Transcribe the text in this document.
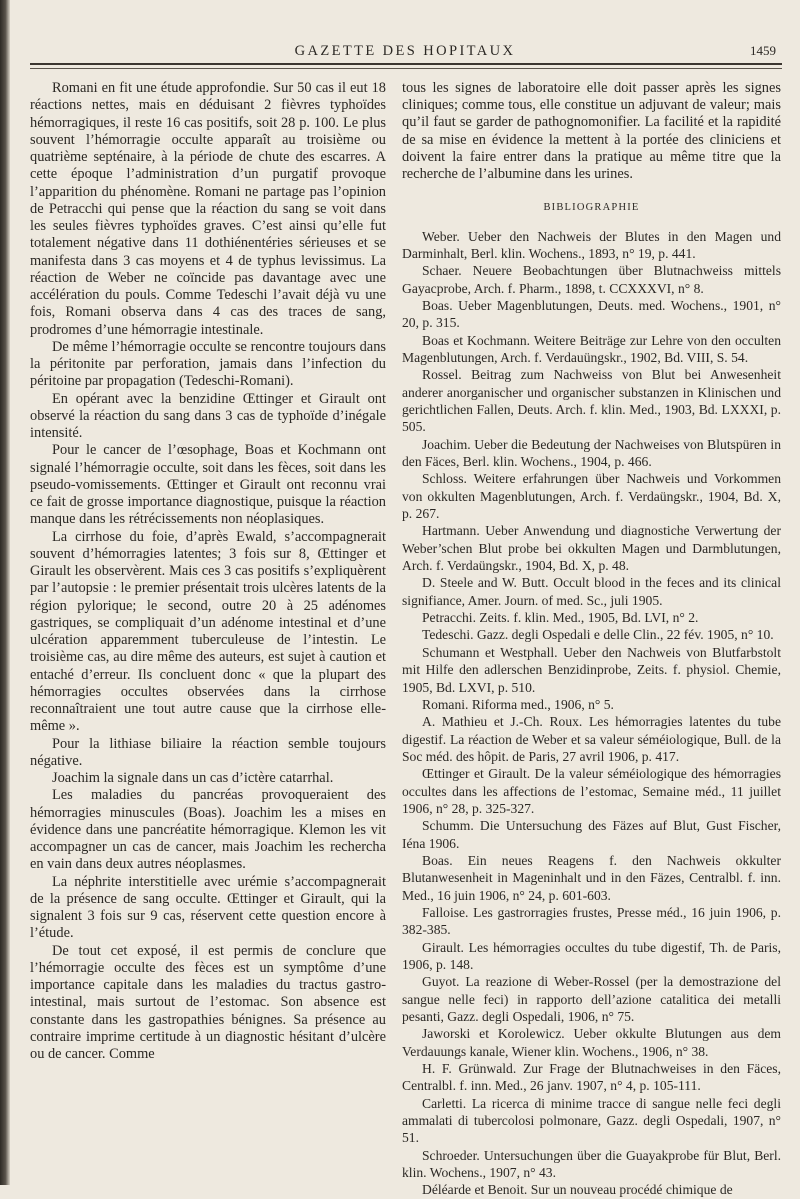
GAZETTE DES HOPITAUX	1459

Romani en fit une étude approfondie. Sur 50 cas il eut 18 réactions nettes, mais en déduisant 2 fièvres typhoïdes hémorragiques, il reste 16 cas positifs, soit 28 p. 100. Le plus souvent l’hémorragie occulte apparaît au troisième ou quatrième septénaire, à la période de chute des escarres. A cette époque l’administration d’un purgatif provoque l’apparition du phénomène. Romani ne partage pas l’opinion de Petracchi qui pense que la réaction du sang se voit dans les seules fièvres typhoïdes graves. C’est ainsi qu’elle fut totalement négative dans 11 dothiénentéries sérieuses et se manifesta dans 3 cas moyens et 4 de typhus levissimus. La réaction de Weber ne coïncide pas davantage avec une accélération du pouls. Comme Tedeschi l’avait déjà vu une fois, Romani observa dans 4 cas des traces de sang, prodromes d’une hémorragie intestinale.

De même l’hémorragie occulte se rencontre toujours dans la péritonite par perforation, jamais dans l’infection du péritoine par propagation (Tedeschi-Romani).

En opérant avec la benzidine Œttinger et Girault ont observé la réaction du sang dans 3 cas de typhoïde d’inégale intensité.

Pour le cancer de l’œsophage, Boas et Kochmann ont signalé l’hémorragie occulte, soit dans les fèces, soit dans les pseudo-vomissements. Œttinger et Girault ont reconnu vrai ce fait de grosse importance diagnostique, puisque la réaction manque dans les rétrécissements non néoplasiques.

La cirrhose du foie, d’après Ewald, s’accompagnerait souvent d’hémorragies latentes; 3 fois sur 8, Œttinger et Girault les observèrent. Mais ces 3 cas positifs s’expliquèrent par l’autopsie : le premier présentait trois ulcères latents de la région pylorique; le second, outre 20 à 25 adénomes gastriques, se compliquait d’un adénome intestinal et d’une ulcération apparemment tuberculeuse de l’intestin. Le troisième cas, au dire même des auteurs, est sujet à caution et entaché d’erreur. Ils concluent donc « que la plupart des hémorragies occultes observées dans la cirrhose reconnaîtraient une tout autre cause que la cirrhose elle-même ».

Pour la lithiase biliaire la réaction semble toujours négative.

Joachim la signale dans un cas d’ictère catarrhal.

Les maladies du pancréas provoqueraient des hémorragies minuscules (Boas). Joachim les a mises en évidence dans une pancréatite hémorragique. Klemon les vit accompagner un cas de cancer, mais Joachim les rechercha en vain dans deux autres néoplasmes.

La néphrite interstitielle avec urémie s’accompagnerait de la présence de sang occulte. Œttinger et Girault, qui la signalent 3 fois sur 9 cas, réservent cette question encore à l’étude.

De tout cet exposé, il est permis de conclure que l’hémorragie occulte des fèces est un symptôme d’une importance capitale dans les maladies du tractus gastro-intestinal, mais surtout de l’estomac. Son absence est constante dans les gastropathies bénignes. Sa présence au contraire imprime certitude à un diagnostic hésitant d’ulcère ou de cancer. Comme

tous les signes de laboratoire elle doit passer après les signes cliniques; comme tous, elle constitue un adjuvant de valeur; mais qu’il faut se garder de pathognomonifier. La facilité et la rapidité de sa mise en évidence la mettent à la portée des cliniciens et doivent la faire entrer dans la pratique au même titre que la recherche de l’albumine dans les urines.

BIBLIOGRAPHIE

Weber. Ueber den Nachweis der Blutes in den Magen und Darminhalt, Berl. klin. Wochens., 1893, n° 19, p. 441.

Schaer. Neuere Beobachtungen über Blutnachweiss mittels Gayacprobe, Arch. f. Pharm., 1898, t. CCXXXVI, n° 8.

Boas. Ueber Magenblutungen, Deuts. med. Wochens., 1901, n° 20, p. 315.

Boas et Kochmann. Weitere Beiträge zur Lehre von den occulten Magenblutungen, Arch. f. Verdauüngskr., 1902, Bd. VIII, S. 54.

Rossel. Beitrag zum Nachweiss von Blut bei Anwesenheit anderer anorganischer und organischer substanzen in Klinischen und gerichtlichen Fallen, Deuts. Arch. f. klin. Med., 1903, Bd. LXXXI, p. 505.

Joachim. Ueber die Bedeutung der Nachweises von Blutspüren in den Fäces, Berl. klin. Wochens., 1904, p. 466.

Schloss. Weitere erfahrungen über Nachweis und Vorkommen von okkulten Magenblutungen, Arch. f. Verdaüngskr., 1904, Bd. X, p. 267.

Hartmann. Ueber Anwendung und diagnostiche Verwertung der Weber’schen Blut probe bei okkulten Magen und Darmblutungen, Arch. f. Verdaüngskr., 1904, Bd. X, p. 48.

D. Steele and W. Butt. Occult blood in the feces and its clinical signifiance, Amer. Journ. of med. Sc., juli 1905.

Petracchi. Zeits. f. klin. Med., 1905, Bd. LVI, n° 2.

Tedeschi. Gazz. degli Ospedali e delle Clin., 22 fév. 1905, n° 10.

Schumann et Westphall. Ueber den Nachweis von Blutfarbstolt mit Hilfe den adlerschen Benzidinprobe, Zeits. f. physiol. Chemie, 1905, Bd. LXVI, p. 510.

Romani. Riforma med., 1906, n° 5.

A. Mathieu et J.-Ch. Roux. Les hémorragies latentes du tube digestif. La réaction de Weber et sa valeur séméiologique, Bull. de la Soc méd. des hôpit. de Paris, 27 avril 1906, p. 417.

Œttinger et Girault. De la valeur séméiologique des hémorragies occultes dans les affections de l’estomac, Semaine méd., 11 juillet 1906, n° 28, p. 325-327.

Schumm. Die Untersuchung des Fäzes auf Blut, Gust Fischer, Iéna 1906.

Boas. Ein neues Reagens f. den Nachweis okkulter Blutanwesenheit in Mageninhalt und in den Fäzes, Centralbl. f. inn. Med., 16 juin 1906, n° 24, p. 601-603.

Falloise. Les gastrorragies frustes, Presse méd., 16 juin 1906, p. 382-385.

Girault. Les hémorragies occultes du tube digestif, Th. de Paris, 1906, p. 148.

Guyot. La reazione di Weber-Rossel (per la demostrazione del sangue nelle feci) in rapporto dell’azione catalitica dei metalli pesanti, Gazz. degli Ospedali, 1906, n° 75.

Jaworski et Korolewicz. Ueber okkulte Blutungen aus dem Verdauungs kanale, Wiener klin. Wochens., 1906, n° 38.

H. F. Grünwald. Zur Frage der Blutnachweises in den Fäces, Centralbl. f. inn. Med., 26 janv. 1907, n° 4, p. 105-111.

Carletti. La ricerca di minime tracce di sangue nelle feci degli ammalati di tubercolosi polmonare, Gazz. degli Ospedali, 1907, n° 51.

Schroeder. Untersuchungen über die Guayakprobe für Blut, Berl. klin. Wochens., 1907, n° 43.

Déléarde et Benoit. Sur un nouveau procédé chimique de
